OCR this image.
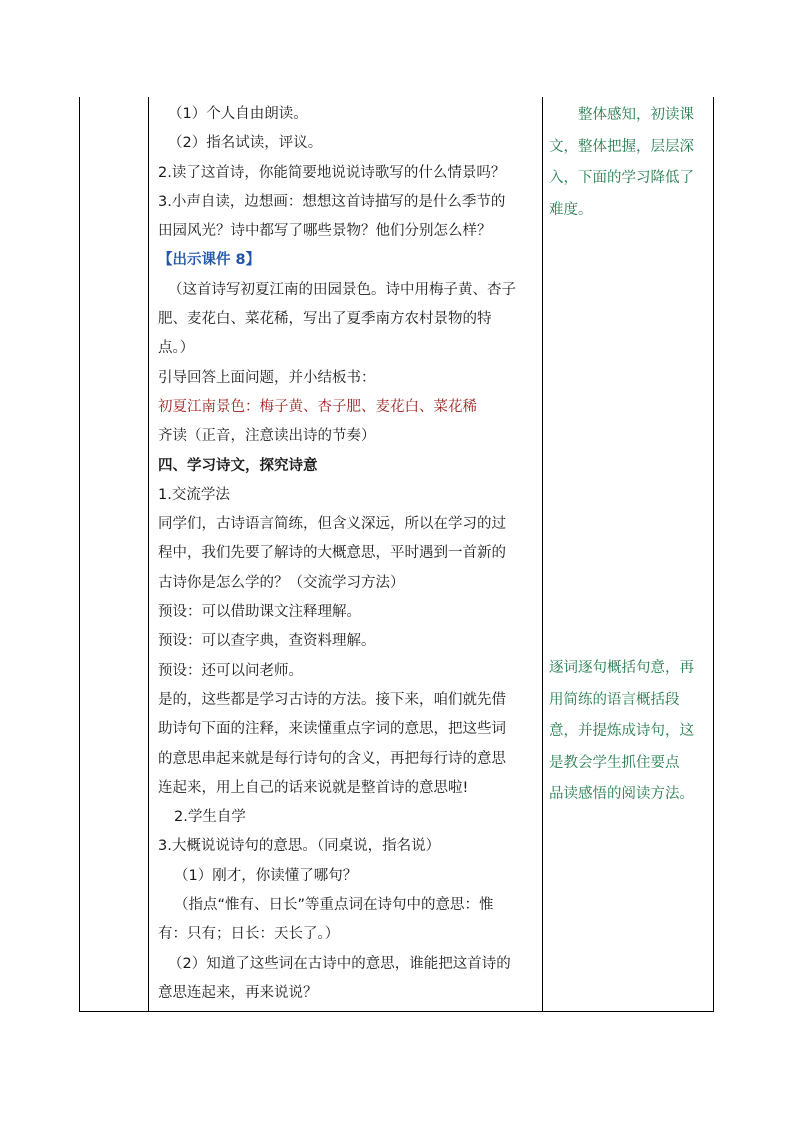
（1）个人自由朗读。
（2）指名试读，评议。
2.读了这首诗，你能简要地说说诗歌写的什么情景吗？
3.小声自读，边想画：想想这首诗描写的是什么季节的
田园风光？诗中都写了哪些景物？他们分别怎么样？
【出示课件 8】
（这首诗写初夏江南的田园景色。诗中用梅子黄、杏子
肥、麦花白、菜花稀，写出了夏季南方农村景物的特
点。）
引导回答上面问题，并小结板书：
初夏江南景色：梅子黄、杏子肥、麦花白、菜花稀
齐读（正音，注意读出诗的节奏）
四、学习诗文，探究诗意
1.交流学法
同学们，古诗语言简练，但含义深远，所以在学习的过
程中，我们先要了解诗的大概意思，平时遇到一首新的
古诗你是怎么学的？（交流学习方法）
预设：可以借助课文注释理解。
预设：可以查字典，查资料理解。
预设：还可以问老师。
是的，这些都是学习古诗的方法。接下来，咱们就先借
助诗句下面的注释，来读懂重点字词的意思，把这些词
的意思串起来就是每行诗句的含义，再把每行诗的意思
连起来，用上自己的话来说就是整首诗的意思啦!
2.学生自学
3.大概说说诗句的意思。（同桌说，指名说）
（1）刚才，你读懂了哪句？
（指点“惟有、日长”等重点词在诗句中的意思：惟
有：只有；日长：天长了。）
（2）知道了这些词在古诗中的意思，谁能把这首诗的
意思连起来，再来说说？
　　整体感知，初读课
文，整体把握，层层深
入，下面的学习降低了
难度。
逐词逐句概括句意，再
用简练的语言概括段
意，并提炼成诗句，这
是教会学生抓住要点
品读感悟的阅读方法。
